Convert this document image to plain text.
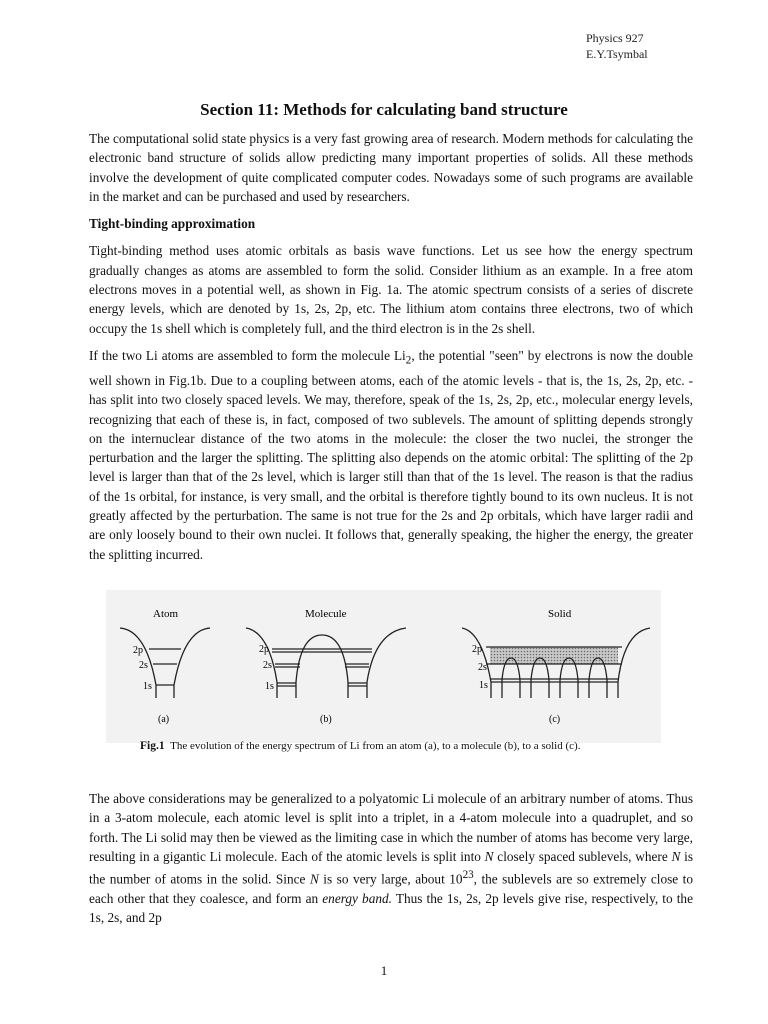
Physics 927
E.Y.Tsymbal
Section 11: Methods for calculating band structure

The computational solid state physics is a very fast growing area of research. Modern methods for calculating the electronic band structure of solids allow predicting many important properties of solids. All these methods involve the development of quite complicated computer codes. Nowadays some of such programs are available in the market and can be purchased and used by researchers.

Tight-binding approximation

Tight-binding method uses atomic orbitals as basis wave functions. Let us see how the energy spectrum gradually changes as atoms are assembled to form the solid. Consider lithium as an example. In a free atom electrons moves in a potential well, as shown in Fig. 1a. The atomic spectrum consists of a series of discrete energy levels, which are denoted by 1s, 2s, 2p, etc. The lithium atom contains three electrons, two of which occupy the 1s shell which is completely full, and the third electron is in the 2s shell.

If the two Li atoms are assembled to form the molecule $Li_2$, the potential "seen" by electrons is now the double well shown in Fig.1b. Due to a coupling between atoms, each of the atomic levels - that is, the 1s, 2s, 2p, etc. - has split into two closely spaced levels. We may, therefore, speak of the 1s, 2s, 2p, etc., molecular energy levels, recognizing that each of these is, in fact, composed of two sublevels. The amount of splitting depends strongly on the internuclear distance of the two atoms in the molecule: the closer the two nuclei, the stronger the perturbation and the larger the splitting. The splitting also depends on the atomic orbital: The splitting of the 2p level is larger than that of the 2s level, which is larger still than that of the 1s level. The reason is that the radius of the 1s orbital, for instance, is very small, and the orbital is therefore tightly bound to its own nucleus. It is not greatly affected by the perturbation. The same is not true for the 2s and 2p orbitals, which have larger radii and are only loosely bound to their own nuclei. It follows that, generally speaking, the higher the energy, the greater the splitting incurred.

Atom	Molecule	Solid
2p
2s
1s
(a)
2p
2s
1s
(b)
2p
2s
1s
(c)
Fig.1 The evolution of the energy spectrum of Li from an atom (a), to a molecule (b), to a solid (c).

The above considerations may be generalized to a polyatomic Li molecule of an arbitrary number of atoms. Thus in a 3-atom molecule, each atomic level is split into a triplet, in a 4-atom molecule into a quadruplet, and so forth. The Li solid may then be viewed as the limiting case in which the number of atoms has become very large, resulting in a gigantic Li molecule. Each of the atomic levels is split into N closely spaced sublevels, where N is the number of atoms in the solid. Since N is so very large, about $10^{23}$, the sublevels are so extremely close to each other that they coalesce, and form an energy band. Thus the 1s, 2s, 2p levels give rise, respectively, to the 1s, 2s, and 2p

1
